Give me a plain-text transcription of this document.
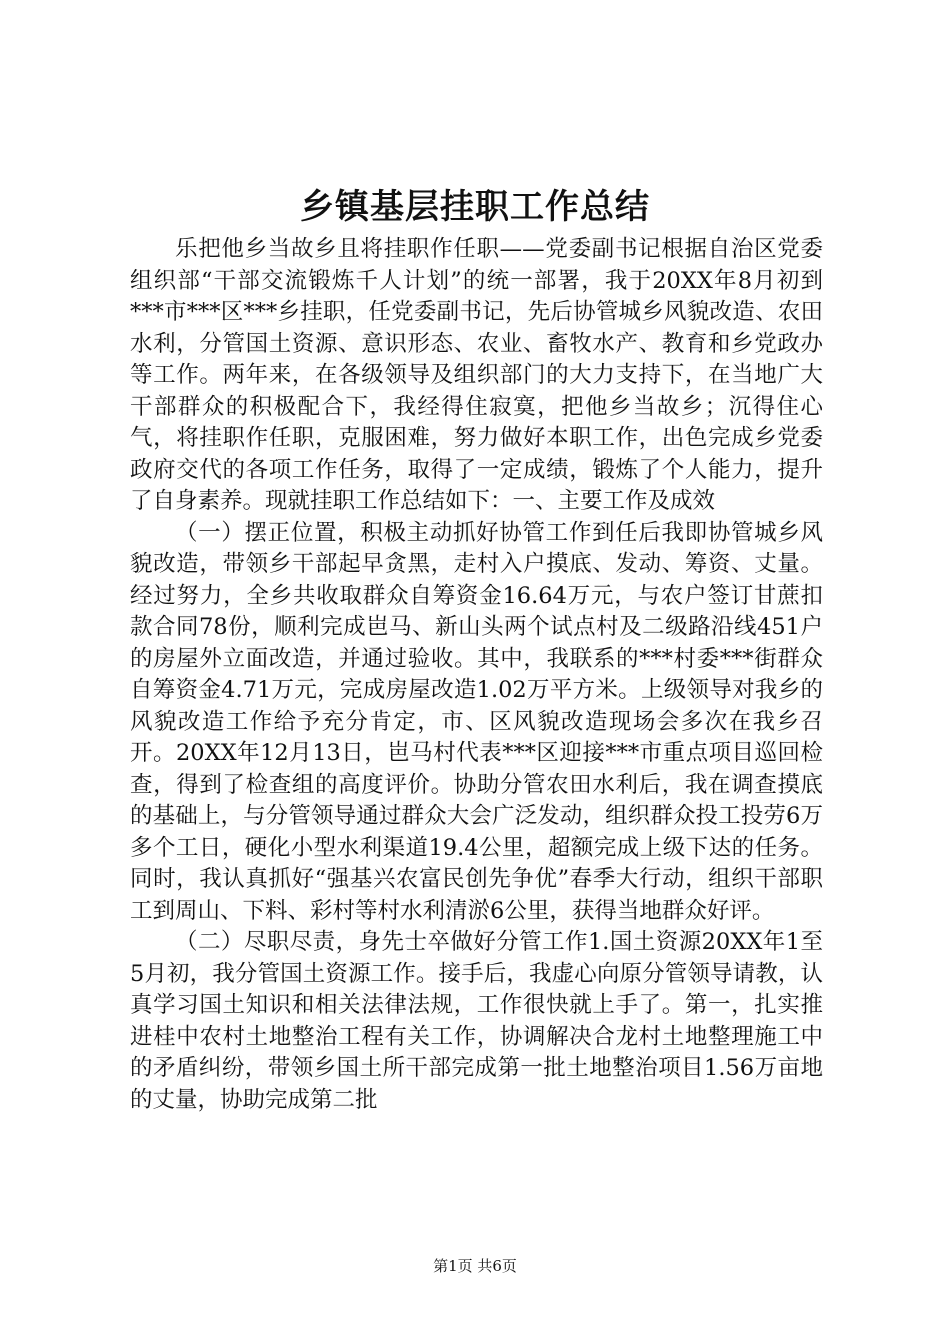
乡镇基层挂职工作总结

乐把他乡当故乡且将挂职作任职——党委副书记根据自治区党委组织部“干部交流锻炼千人计划”的统一部署，我于20XX年8月初到***市***区***乡挂职，任党委副书记，先后协管城乡风貌改造、农田水利，分管国土资源、意识形态、农业、畜牧水产、教育和乡党政办等工作。两年来，在各级领导及组织部门的大力支持下，在当地广大干部群众的积极配合下，我经得住寂寞，把他乡当故乡；沉得住心气，将挂职作任职，克服困难，努力做好本职工作，出色完成乡党委政府交代的各项工作任务，取得了一定成绩，锻炼了个人能力，提升了自身素养。现就挂职工作总结如下：一、主要工作及成效

（一）摆正位置，积极主动抓好协管工作到任后我即协管城乡风貌改造，带领乡干部起早贪黑，走村入户摸底、发动、筹资、丈量。经过努力，全乡共收取群众自筹资金16.64万元，与农户签订甘蔗扣款合同78份，顺利完成岜马、新山头两个试点村及二级路沿线451户的房屋外立面改造，并通过验收。其中，我联系的***村委***街群众自筹资金4.71万元，完成房屋改造1.02万平方米。上级领导对我乡的风貌改造工作给予充分肯定，市、区风貌改造现场会多次在我乡召开。20XX年12月13日，岜马村代表***区迎接***市重点项目巡回检查，得到了检查组的高度评价。协助分管农田水利后，我在调查摸底的基础上，与分管领导通过群众大会广泛发动，组织群众投工投劳6万多个工日，硬化小型水利渠道19.4公里，超额完成上级下达的任务。同时，我认真抓好“强基兴农富民创先争优”春季大行动，组织干部职工到周山、下料、彩村等村水利清淤6公里，获得当地群众好评。

（二）尽职尽责，身先士卒做好分管工作1.国土资源20XX年1至5月初，我分管国土资源工作。接手后，我虚心向原分管领导请教，认真学习国土知识和相关法律法规，工作很快就上手了。第一，扎实推进桂中农村土地整治工程有关工作，协调解决合龙村土地整理施工中的矛盾纠纷，带领乡国土所干部完成第一批土地整治项目1.56万亩地的丈量，协助完成第二批

第1页 共6页
